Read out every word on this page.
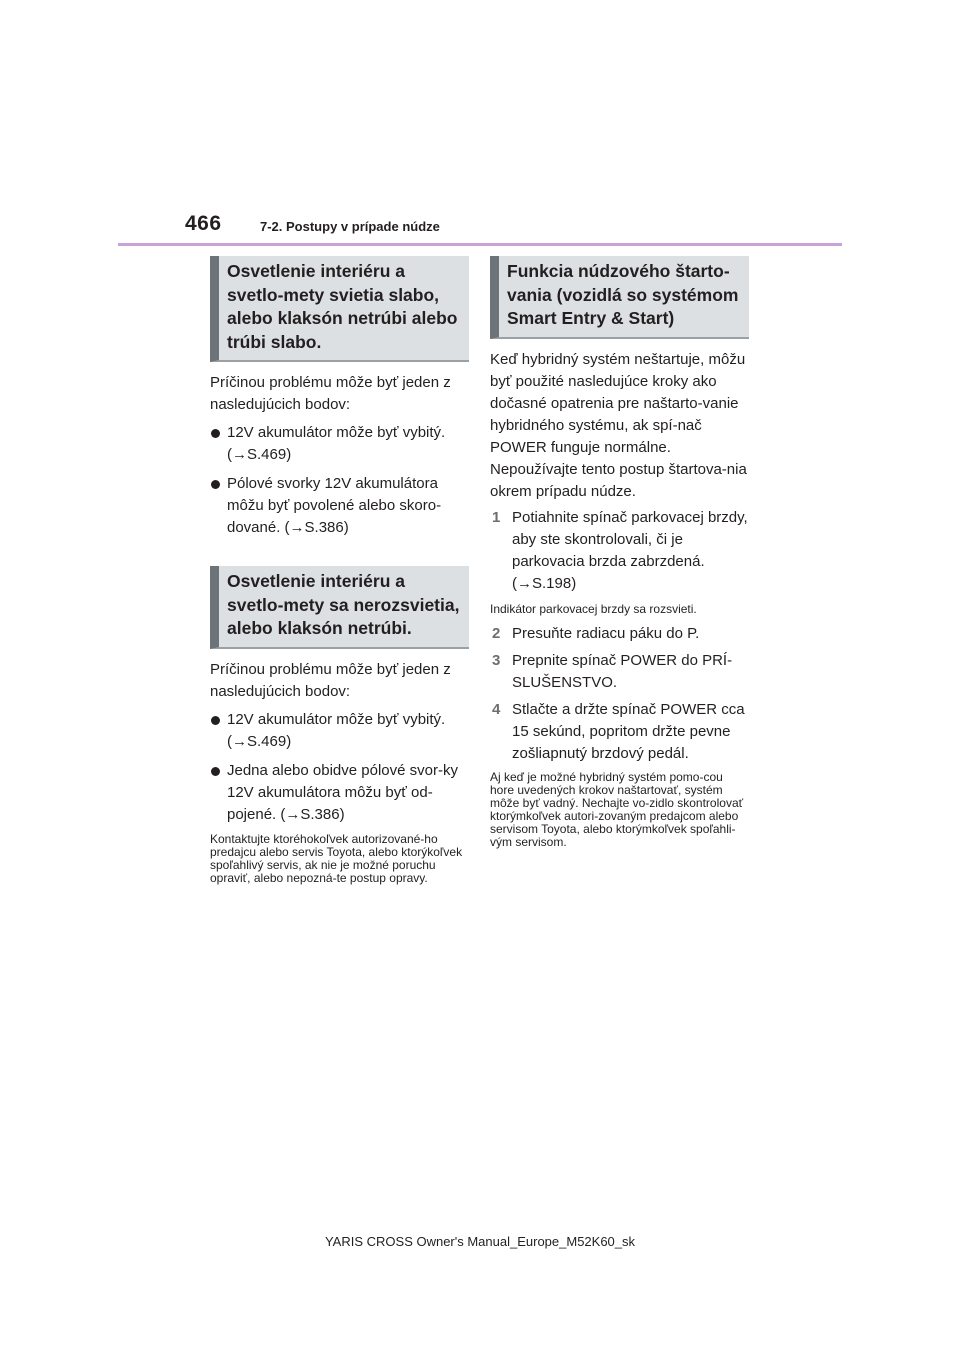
466	7-2. Postupy v prípade núdze
Osvetlenie interiéru a svetlo-mety svietia slabo, alebo klaksón netrúbi alebo trúbi slabo.

Príčinou problému môže byť jeden z nasledujúcich bodov:

12V akumulátor môže byť vybitý. (→S.469)
Pólové svorky 12V akumulátora môžu byť povolené alebo skoro-dované. (→S.386)
Osvetlenie interiéru a svetlo-mety sa nerozsvietia, alebo klaksón netrúbi.

Príčinou problému môže byť jeden z nasledujúcich bodov:

12V akumulátor môže byť vybitý. (→S.469)
Jedna alebo obidve pólové svor-ky 12V akumulátora môžu byť od-pojené. (→S.386)

Kontaktujte ktoréhokoľvek autorizované-ho predajcu alebo servis Toyota, alebo ktorýkoľvek spoľahlivý servis, ak nie je možné poruchu opraviť, alebo nepozná-te postup opravy.

Funkcia núdzového štarto-vania (vozidlá so systémom Smart Entry & Start)

Keď hybridný systém neštartuje, môžu byť použité nasledujúce kroky ako dočasné opatrenia pre naštarto-vanie hybridného systému, ak spí-nač POWER funguje normálne. Nepoužívajte tento postup štartova-nia okrem prípadu núdze.

1 Potiahnite spínač parkovacej brzdy, aby ste skontrolovali, či je parkovacia brzda zabrzdená. (→S.198)

Indikátor parkovacej brzdy sa rozsvieti.

2 Presuňte radiacu páku do P.
3 Prepnite spínač POWER do PRÍ-SLUŠENSTVO.
4 Stlačte a držte spínač POWER cca 15 sekúnd, popritom držte pevne zošliapnutý brzdový pedál.

Aj keď je možné hybridný systém pomo-cou hore uvedených krokov naštartovať, systém môže byť vadný. Nechajte vo-zidlo skontrolovať ktorýmkoľvek autori-zovaným predajcom alebo servisom Toyota, alebo ktorýmkoľvek spoľahli-vým servisom.

YARIS CROSS Owner's Manual_Europe_M52K60_sk
